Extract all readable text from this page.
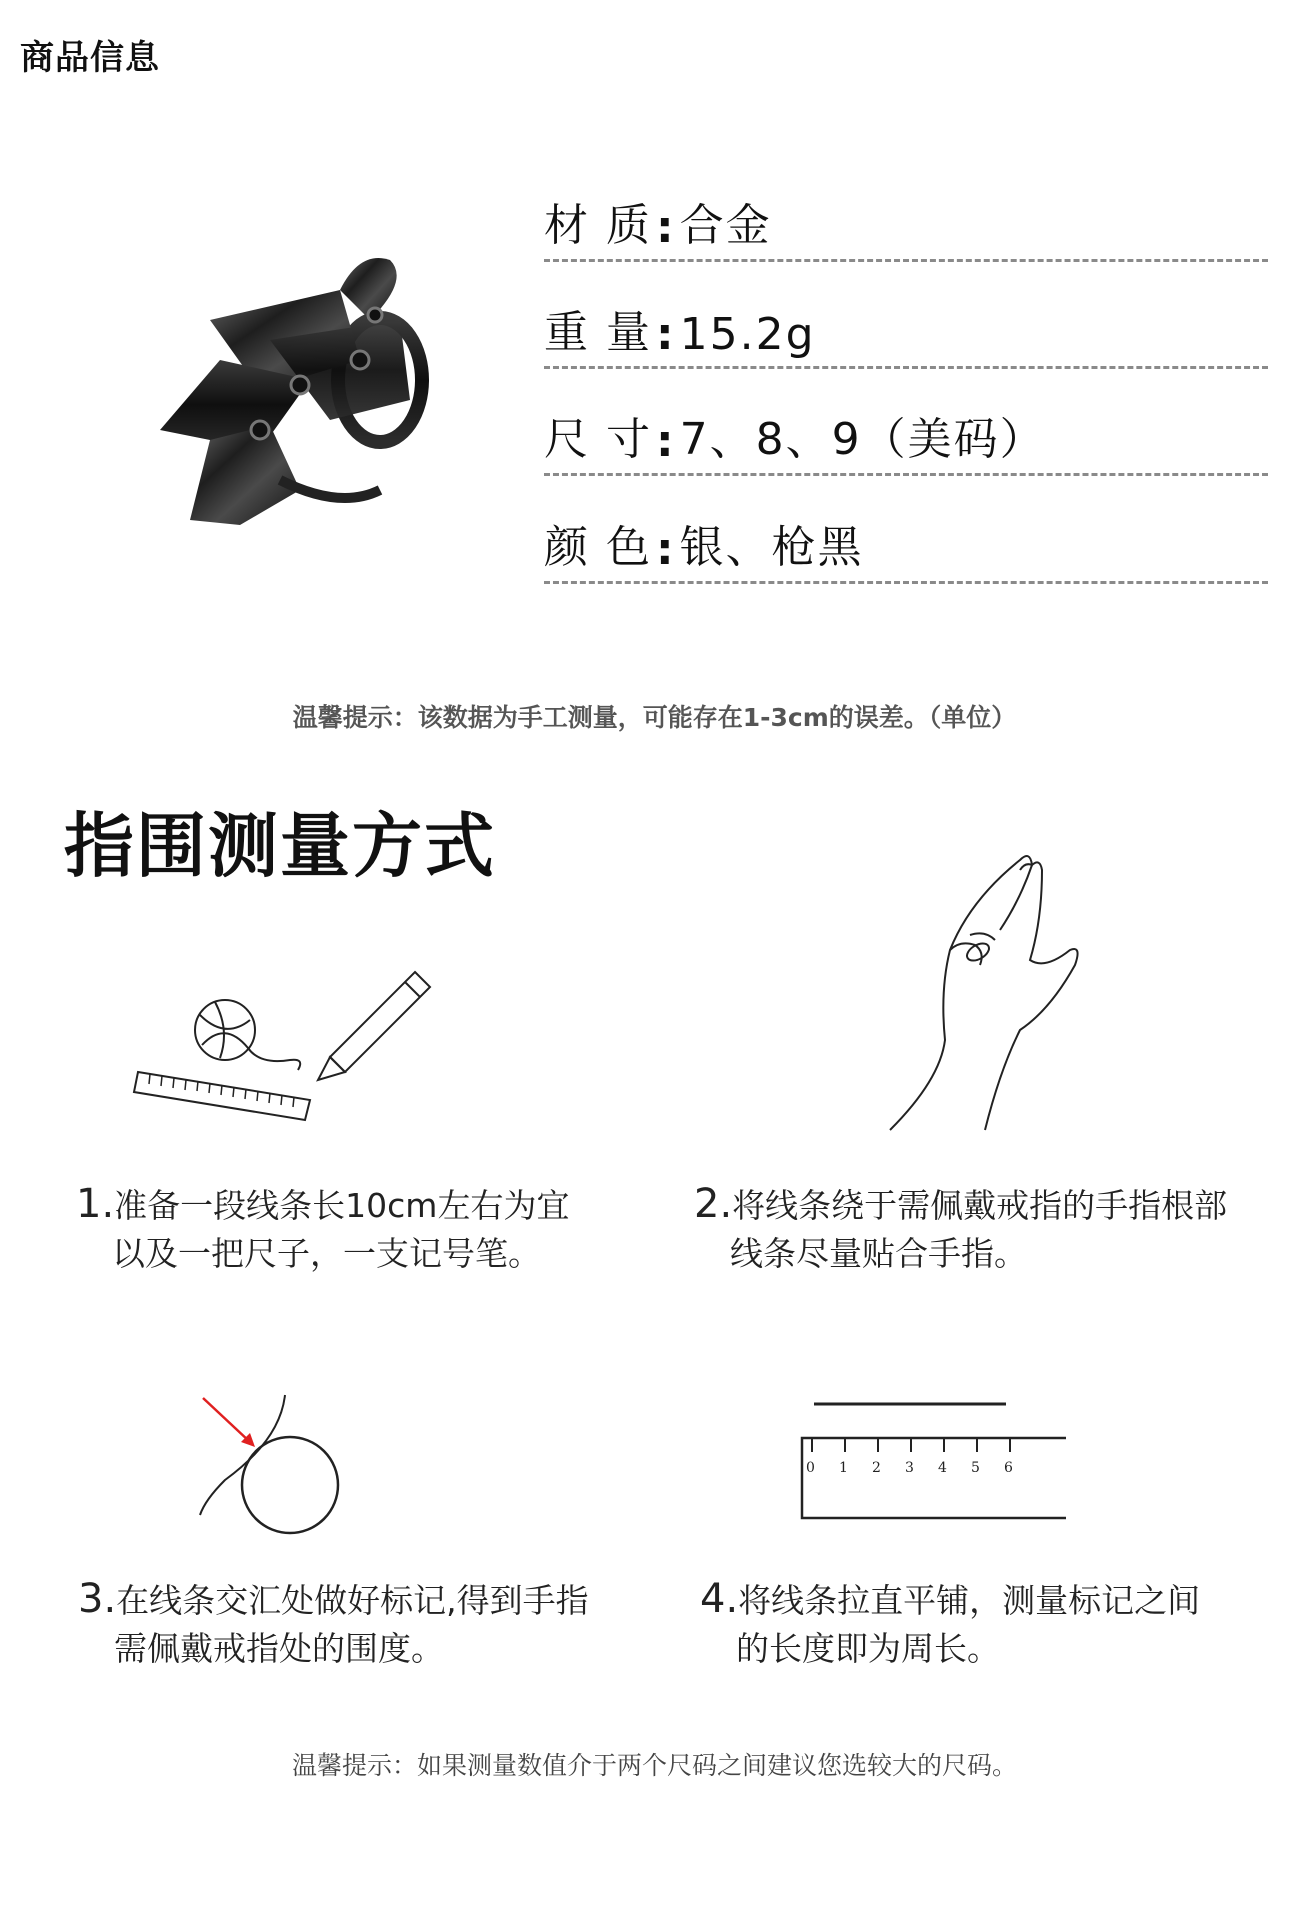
商品信息
材 质 : 合金
重 量 : 15.2g
尺 寸 : 7、8、9（美码）
颜 色 : 银、枪黑
温馨提示：该数据为手工测量，可能存在1-3cm的误差。（单位）
指围测量方式
1.准备一段线条长10cm左右为宜
以及一把尺子，一支记号笔。
2.将线条绕于需佩戴戒指的手指根部
线条尽量贴合手指。
0 1 2 3 4 5 6
3.在线条交汇处做好标记,得到手指
需佩戴戒指处的围度。
4.将线条拉直平铺，测量标记之间
的长度即为周长。
温馨提示：如果测量数值介于两个尺码之间建议您选较大的尺码。
